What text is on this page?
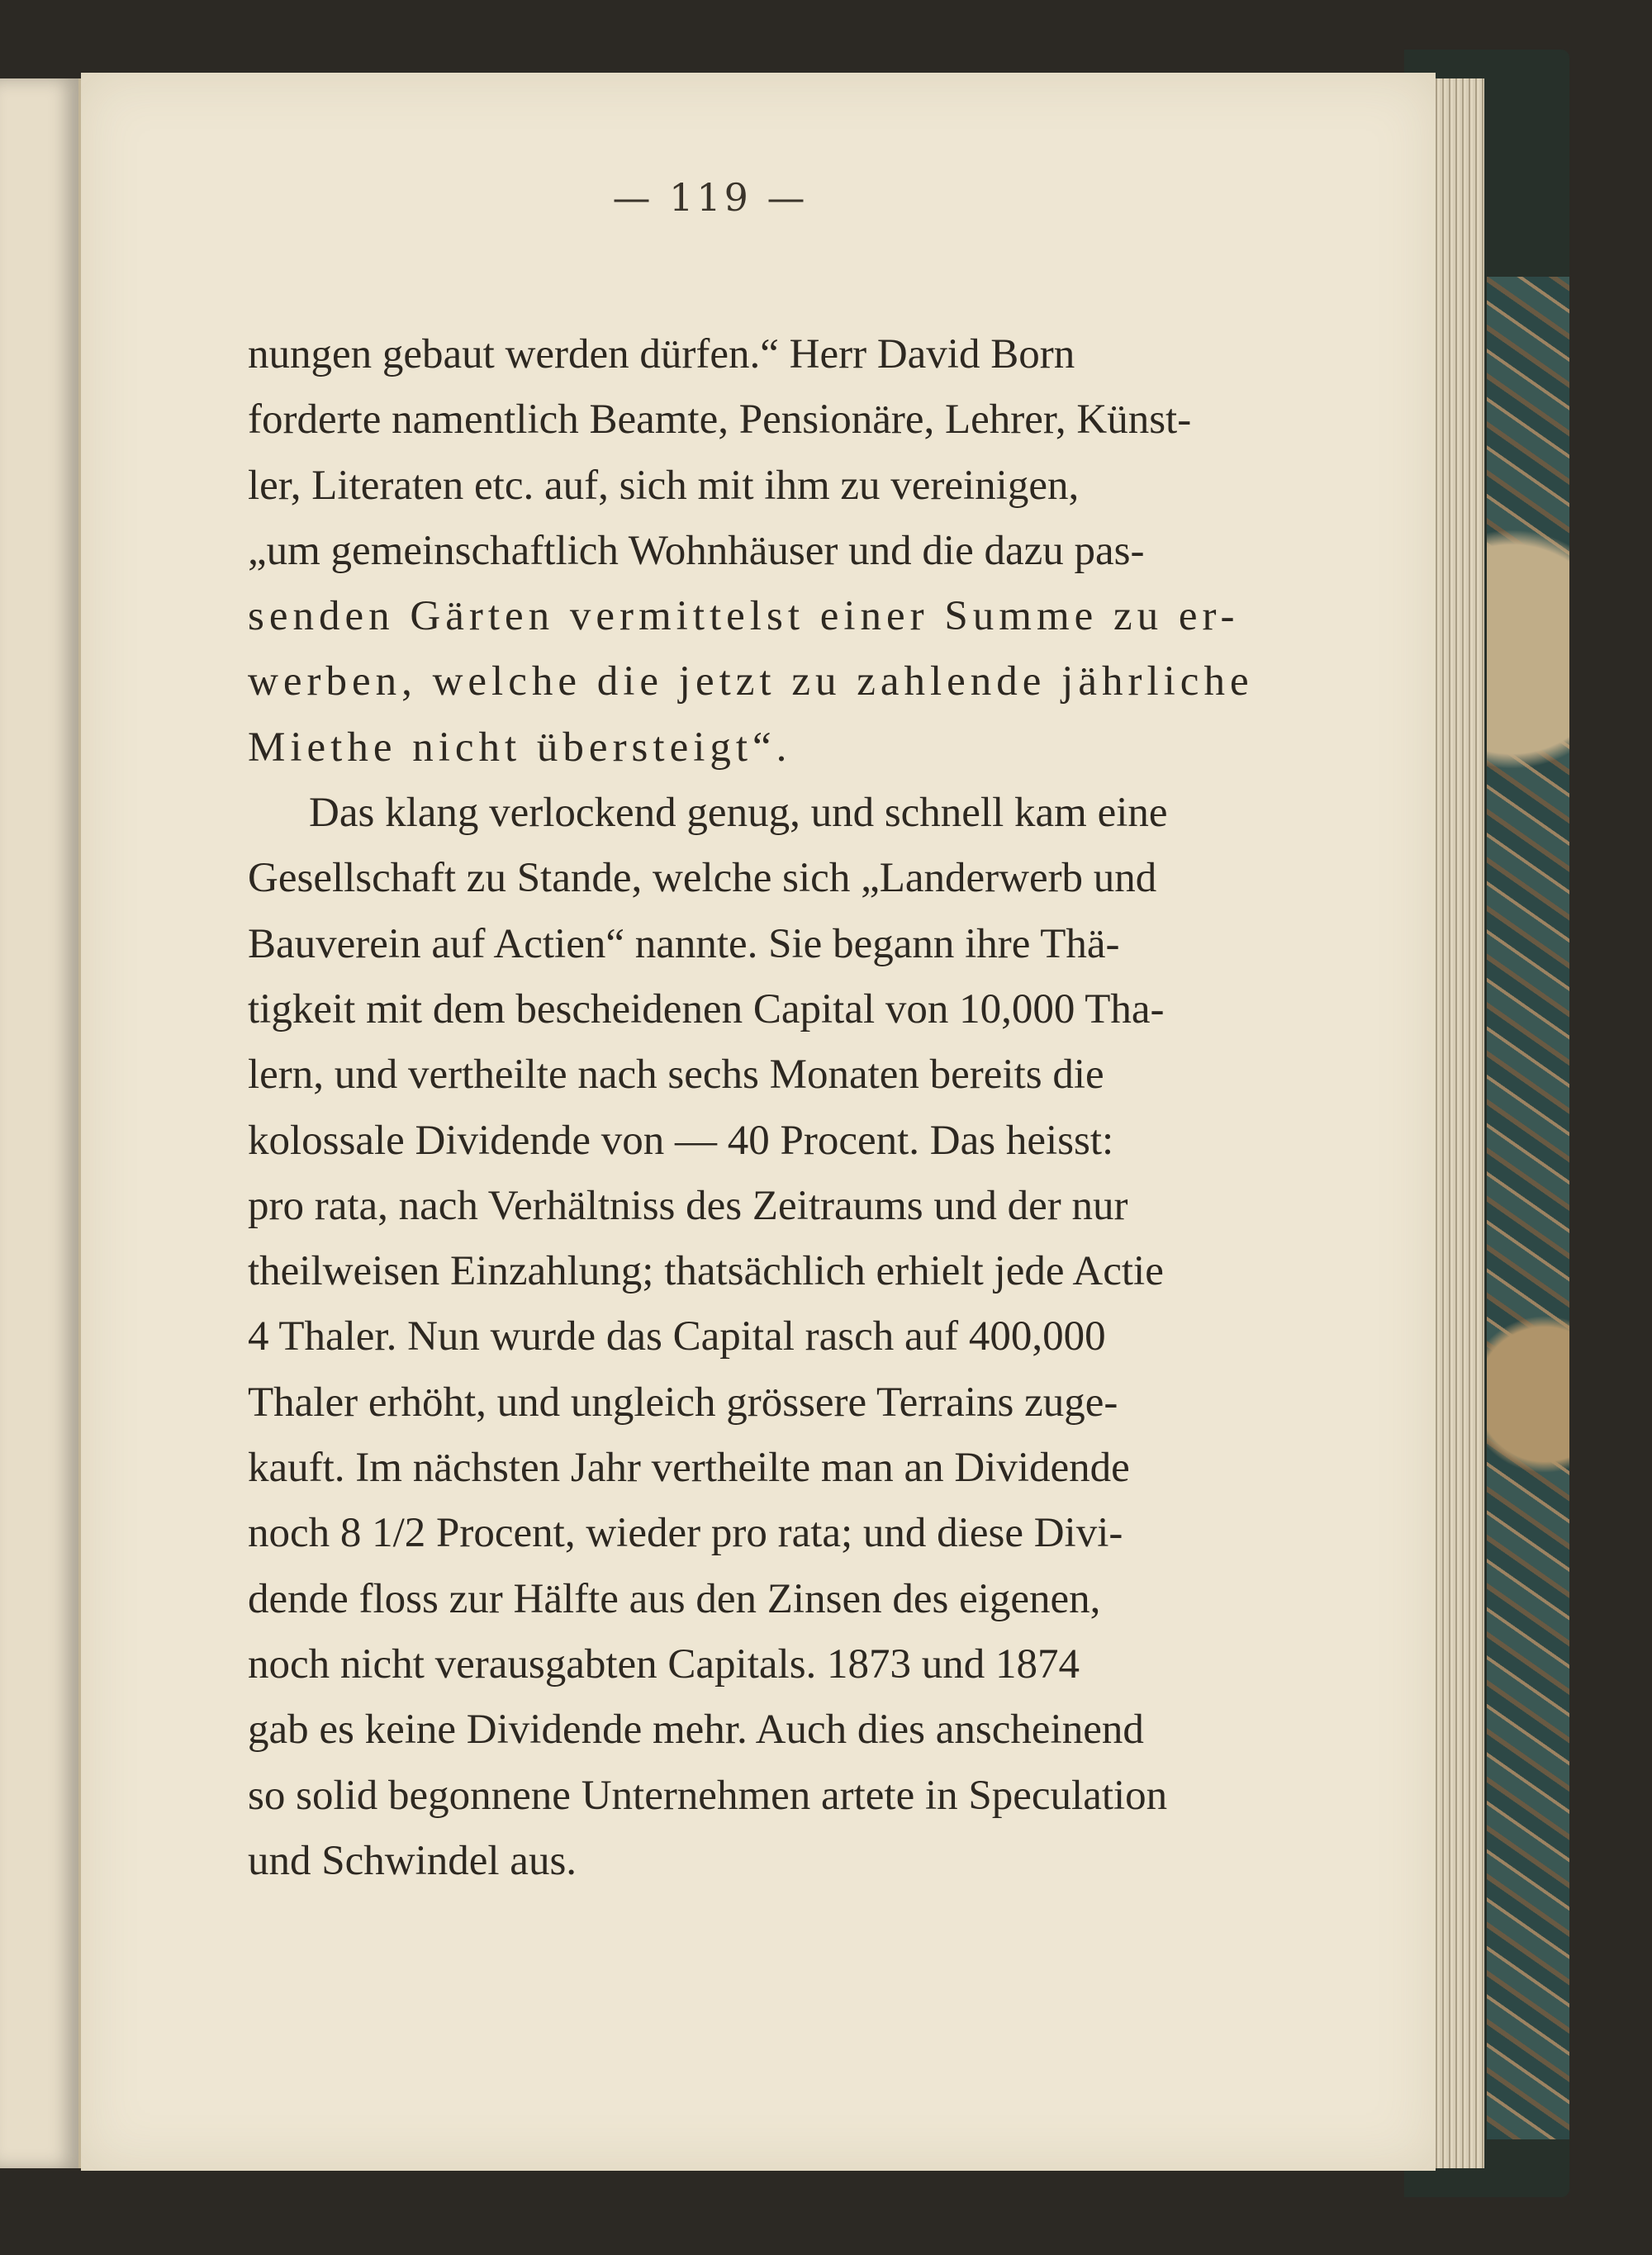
— 119 —
nungen gebaut werden dürfen.“ Herr David Born
forderte namentlich Beamte, Pensionäre, Lehrer, Künst-
ler, Literaten etc. auf, sich mit ihm zu vereinigen,
„um gemeinschaftlich Wohnhäuser und die dazu pas-
senden Gärten vermittelst einer Summe zu er-
werben, welche die jetzt zu zahlende jährliche
Miethe nicht übersteigt“.
Das klang verlockend genug, und schnell kam eine
Gesellschaft zu Stande, welche sich „Landerwerb und
Bauverein auf Actien“ nannte. Sie begann ihre Thä-
tigkeit mit dem bescheidenen Capital von 10,000 Tha-
lern, und vertheilte nach sechs Monaten bereits die
kolossale Dividende von — 40 Procent. Das heisst:
pro rata, nach Verhältniss des Zeitraums und der nur
theilweisen Einzahlung; thatsächlich erhielt jede Actie
4 Thaler. Nun wurde das Capital rasch auf 400,000
Thaler erhöht, und ungleich grössere Terrains zuge-
kauft. Im nächsten Jahr vertheilte man an Dividende
noch 8 1/2 Procent, wieder pro rata; und diese Divi-
dende floss zur Hälfte aus den Zinsen des eigenen,
noch nicht verausgabten Capitals. 1873 und 1874
gab es keine Dividende mehr. Auch dies anscheinend
so solid begonnene Unternehmen artete in Speculation
und Schwindel aus.
